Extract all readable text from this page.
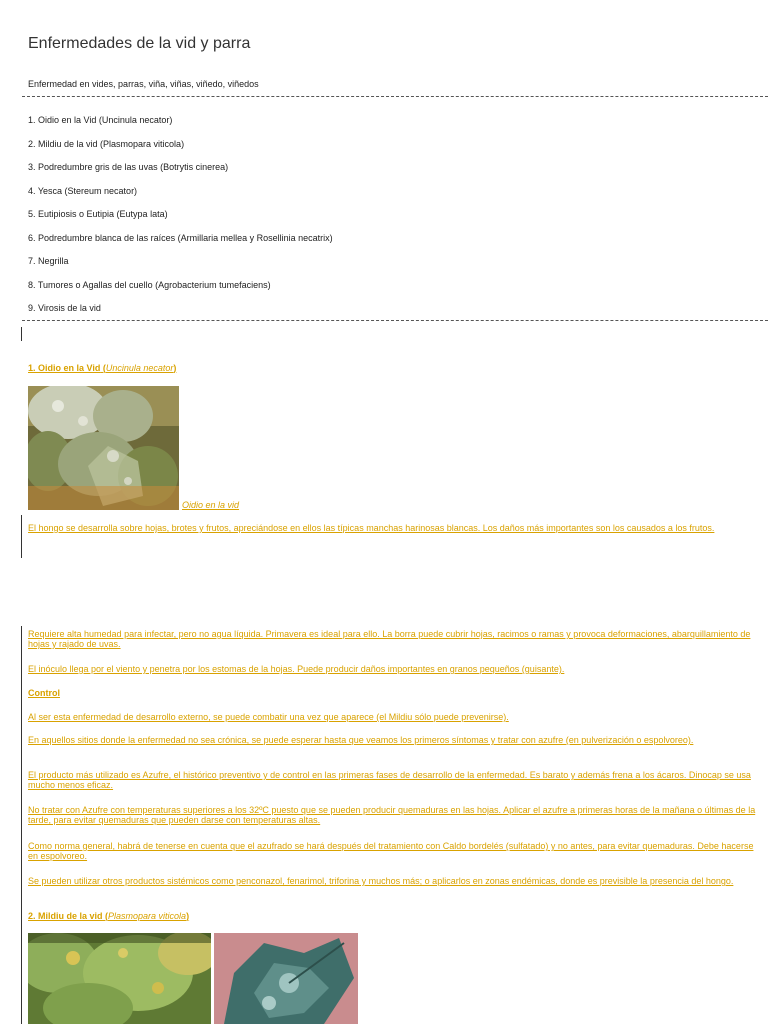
Enfermedades de la vid y parra
Enfermedad en vides, parras, viña, viñas, viñedo, viñedos
1. Oidio en la Vid (Uncinula necator)
2. Mildiu de la vid (Plasmopara viticola)
3. Podredumbre gris de las uvas (Botrytis cinerea)
4. Yesca (Stereum necator)
5. Eutipiosis o Eutipia (Eutypa lata)
6. Podredumbre blanca de las raíces (Armillaria mellea y Rosellinia necatrix)
7. Negrilla
8. Tumores o Agallas del cuello (Agrobacterium tumefaciens)
9. Virosis de la vid
1. Oidio en la Vid (Uncinula necator)
Oidio en la vid

El hongo se desarrolla sobre hojas, brotes y frutos, apreciándose en ellos las típicas manchas harinosas blancas. Los daños más importantes son los causados a los frutos.

Requiere alta humedad para infectar, pero no agua líquida. Primavera es ideal para ello. La borra puede cubrir hojas, racimos o ramas y provoca deformaciones, abarquillamiento de hojas y rajado de uvas.

El inóculo llega por el viento y penetra por los estomas de la hojas. Puede producir daños importantes en granos pequeños (guisante).

Control

Al ser esta enfermedad de desarrollo externo, se puede combatir una vez que aparece (el Mildiu sólo puede prevenirse).

En aquellos sitios donde la enfermedad no sea crónica, se puede esperar hasta que veamos los primeros síntomas y tratar con azufre (en pulverización o espolvoreo).

El producto más utilizado es Azufre, el histórico preventivo y de control en las primeras fases de desarrollo de la enfermedad. Es barato y además frena a los ácaros. Dinocap se usa mucho menos eficaz.

No tratar con Azufre con temperaturas superiores a los 32ºC puesto que se pueden producir quemaduras en las hojas. Aplicar el azufre a primeras horas de la mañana o últimas de la tarde, para evitar quemaduras que pueden darse con temperaturas altas.

Como norma general, habrá de tenerse en cuenta que el azufrado se hará después del tratamiento con Caldo bordelés (sulfatado) y no antes, para evitar quemaduras. Debe hacerse en espolvoreo.

Se pueden utilizar otros productos sistémicos como penconazol, fenarimol, triforina y muchos más; o aplicarlos en zonas endémicas, donde es previsible la presencia del hongo.

2. Mildiu de la vid (Plasmopara viticola)
